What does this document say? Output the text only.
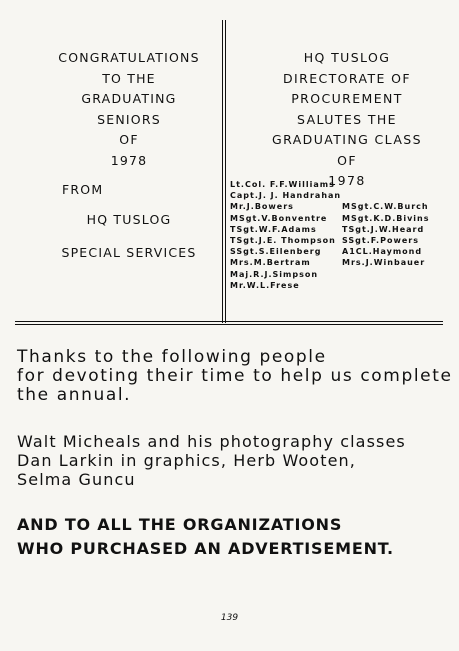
CONGRATULATIONS
TO THE
GRADUATING
SENIORS
OF
1978
FROM
HQ TUSLOG
SPECIAL SERVICES
HQ TUSLOG
DIRECTORATE OF
PROCUREMENT
SALUTES THE
GRADUATING CLASS
OF
1978
Lt.Col. F.F.Williams
Capt.J. J. Handrahan
Mr.J.Bowers	MSgt.C.W.Burch
MSgt.V.Bonventre MSgt.K.D.Bivins
TSgt.W.F.Adams	TSgt.J.W.Heard
TSgt.J.E. Thompson SSgt.F.Powers
SSgt.S.Eilenberg	A1CL.Haymond
Mrs.M.Bertram	Mrs.J.Winbauer
Maj.R.J.Simpson
Mr.W.L.Frese
Thanks to the following people
for devoting their time to help us complete
the annual.
Walt Micheals and his photography classes
Dan Larkin in graphics, Herb Wooten,
Selma Guncu
AND TO ALL THE ORGANIZATIONS
WHO PURCHASED AN ADVERTISEMENT.
139
